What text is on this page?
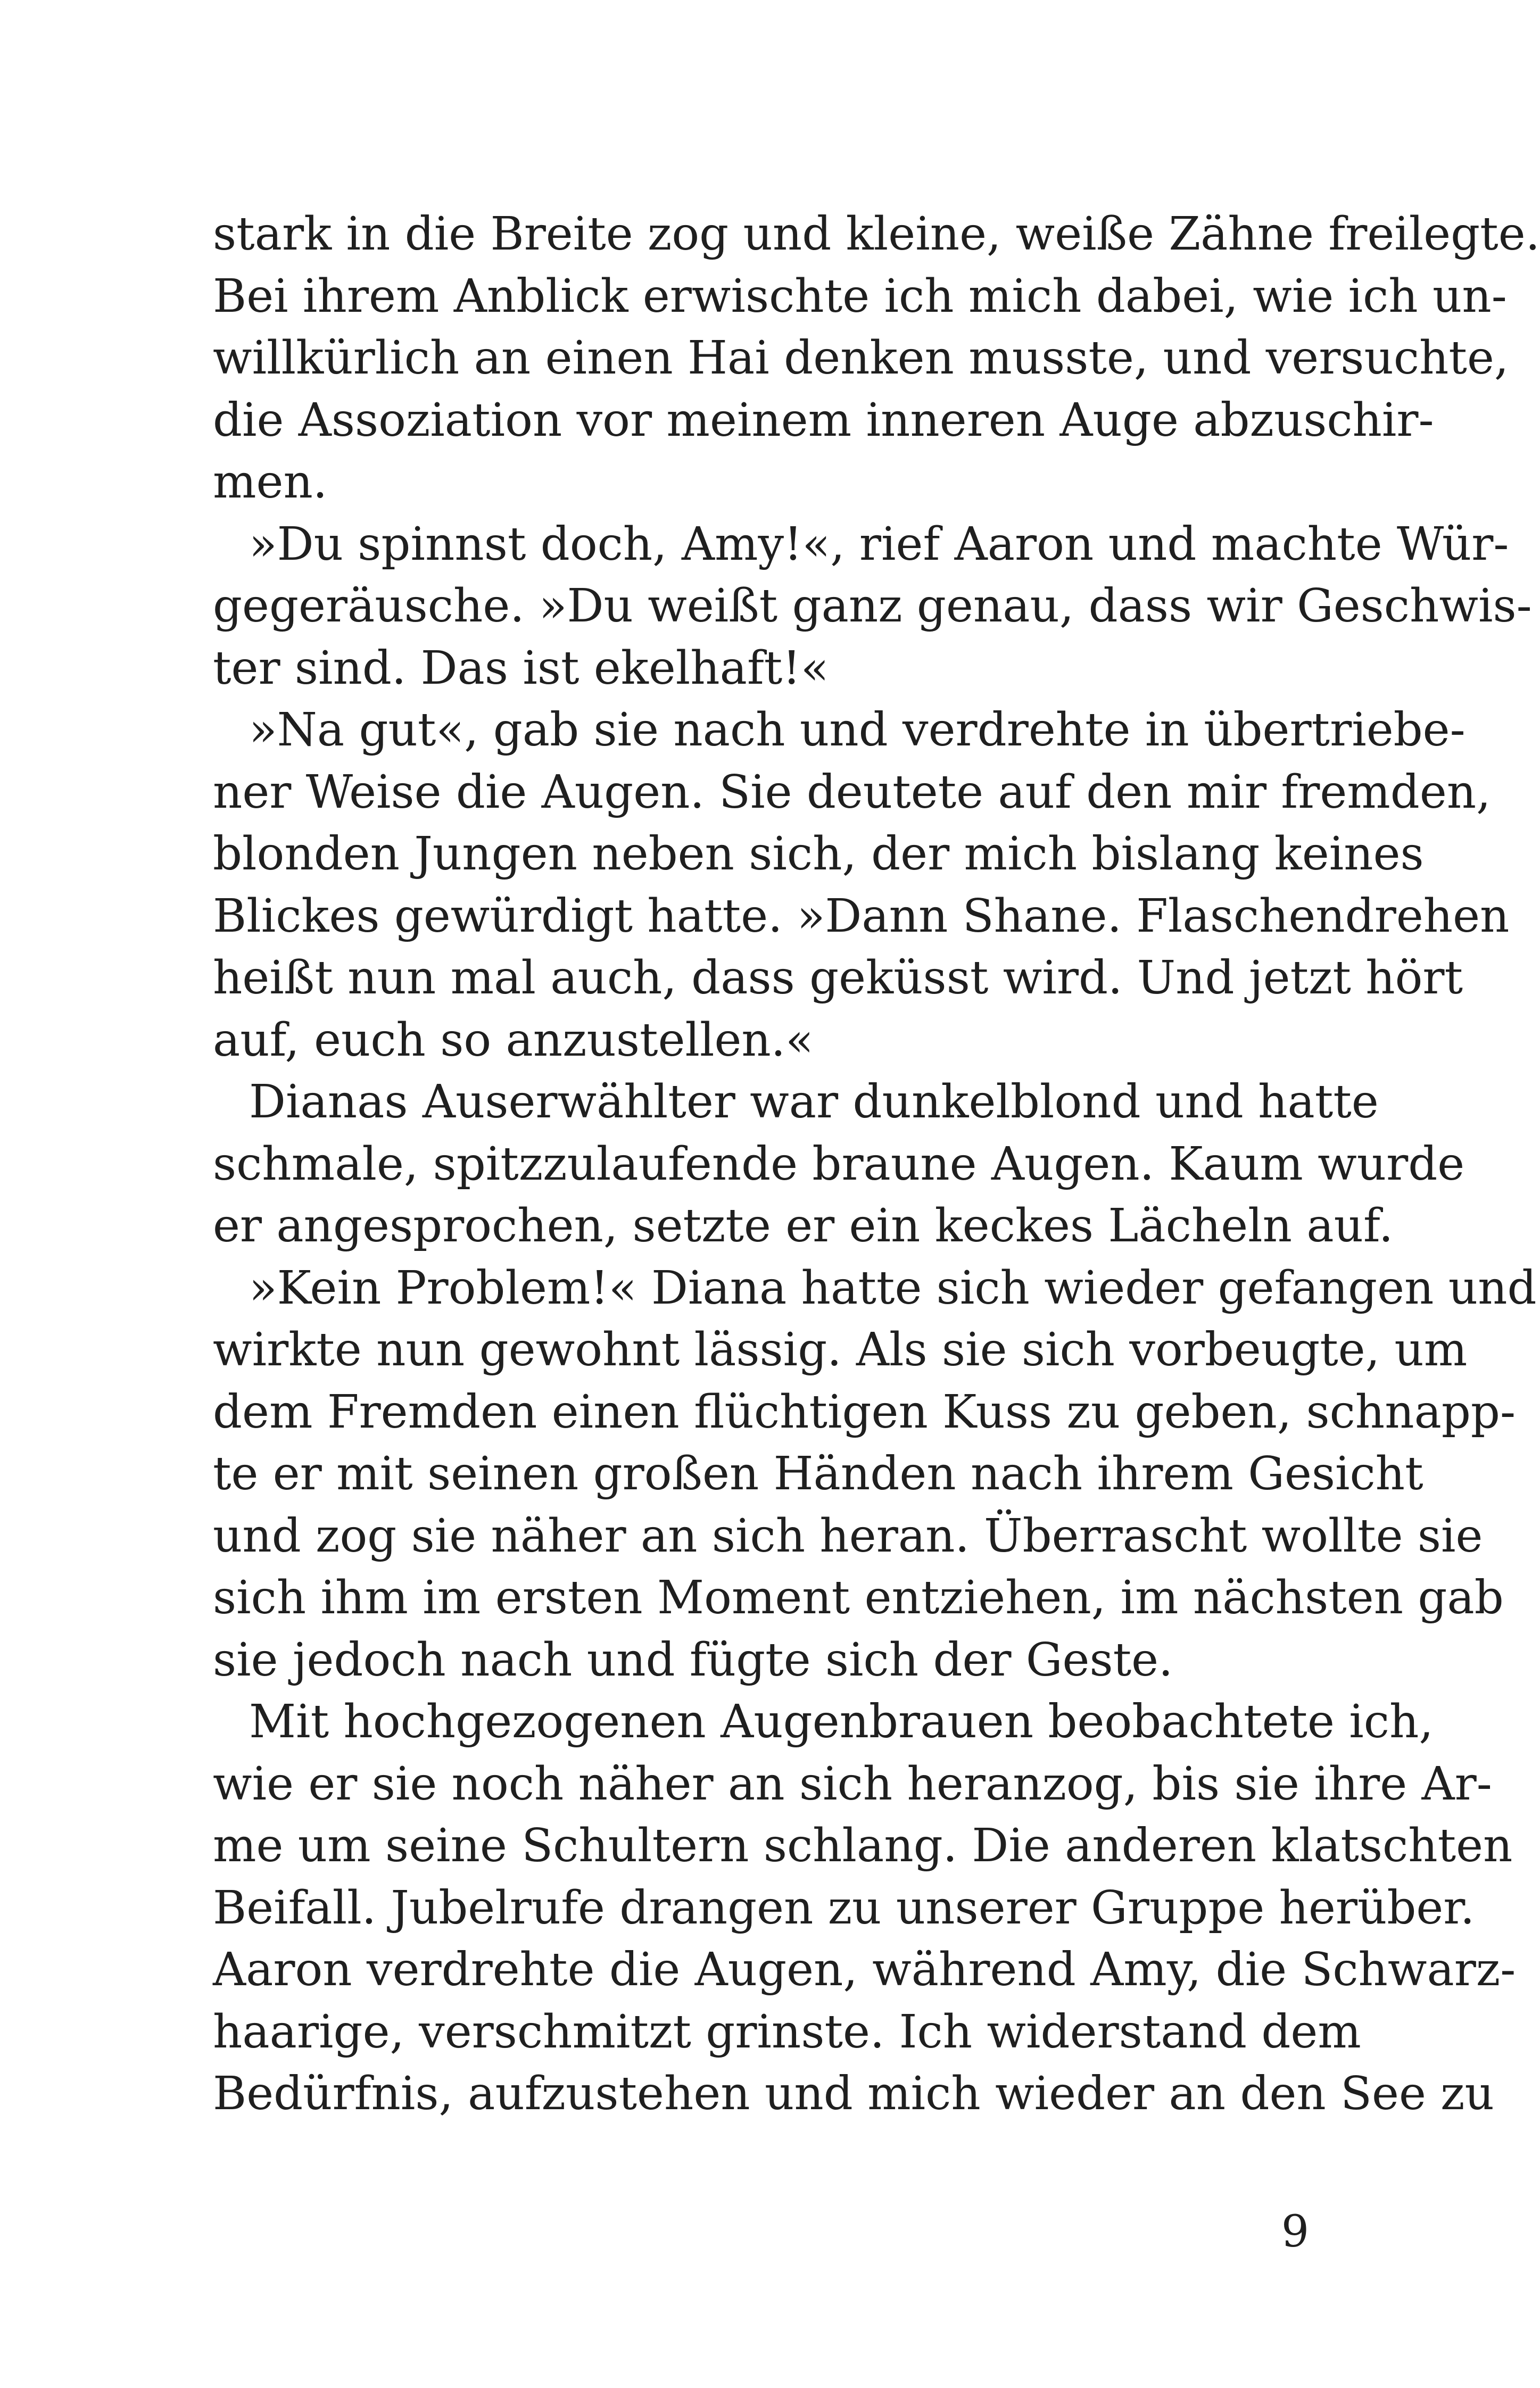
stark in die Breite zog und kleine, weiße Zähne freilegte.
Bei ihrem Anblick erwischte ich mich dabei, wie ich un-
willkürlich an einen Hai denken musste, und versuchte,
die Assoziation vor meinem inneren Auge abzuschir-
men.
»Du spinnst doch, Amy!«, rief Aaron und machte Wür-
gegeräusche. »Du weißt ganz genau, dass wir Geschwis-
ter sind. Das ist ekelhaft!«
»Na gut«, gab sie nach und verdrehte in übertriebe-
ner Weise die Augen. Sie deutete auf den mir fremden,
blonden Jungen neben sich, der mich bislang keines
Blickes gewürdigt hatte. »Dann Shane. Flaschendrehen
heißt nun mal auch, dass geküsst wird. Und jetzt hört
auf, euch so anzustellen.«
Dianas Auserwählter war dunkelblond und hatte
schmale, spitzzulaufende braune Augen. Kaum wurde
er angesprochen, setzte er ein keckes Lächeln auf.
»Kein Problem!« Diana hatte sich wieder gefangen und
wirkte nun gewohnt lässig. Als sie sich vorbeugte, um
dem Fremden einen flüchtigen Kuss zu geben, schnapp-
te er mit seinen großen Händen nach ihrem Gesicht
und zog sie näher an sich heran. Überrascht wollte sie
sich ihm im ersten Moment entziehen, im nächsten gab
sie jedoch nach und fügte sich der Geste.
Mit hochgezogenen Augenbrauen beobachtete ich,
wie er sie noch näher an sich heranzog, bis sie ihre Ar-
me um seine Schultern schlang. Die anderen klatschten
Beifall. Jubelrufe drangen zu unserer Gruppe herüber.
Aaron verdrehte die Augen, während Amy, die Schwarz-
haarige, verschmitzt grinste. Ich widerstand dem
Bedürfnis, aufzustehen und mich wieder an den See zu
9
